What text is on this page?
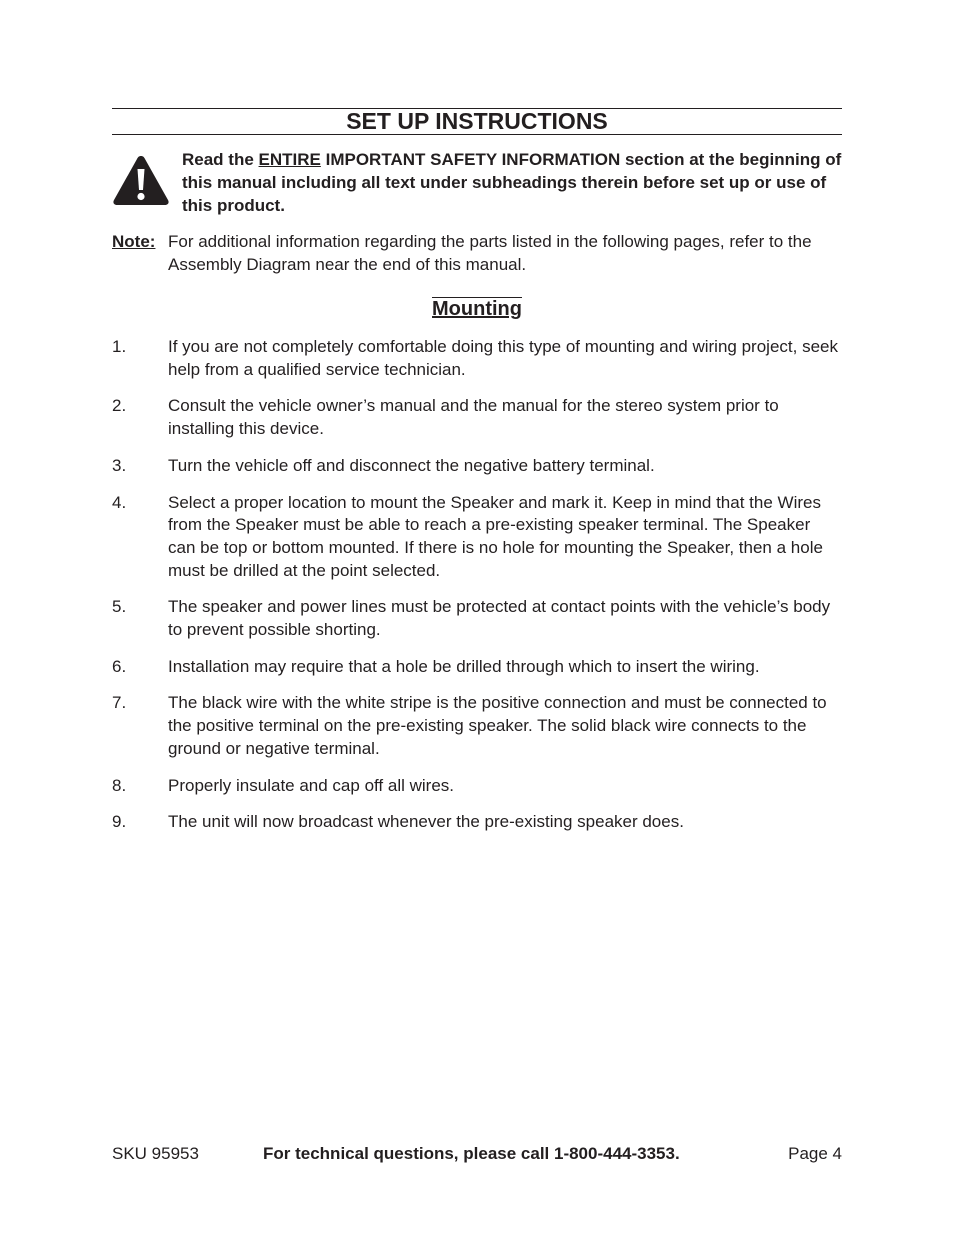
SET UP INSTRUCTIONS

Read the ENTIRE IMPORTANT SAFETY INFORMATION section at the beginning of this manual including all text under subheadings therein before set up or use of this product.

Note: For additional information regarding the parts listed in the following pages, refer to the Assembly Diagram near the end of this manual.

Mounting
1. If you are not completely comfortable doing this type of mounting and wiring project, seek help from a qualified service technician.
2. Consult the vehicle owner’s manual and the manual for the stereo system prior to installing this device.
3. Turn the vehicle off and disconnect the negative battery terminal.
4. Select a proper location to mount the Speaker and mark it. Keep in mind that the Wires from the Speaker must be able to reach a pre-existing speaker terminal. The Speaker can be top or bottom mounted. If there is no hole for mounting the Speaker, then a hole must be drilled at the point selected.
5. The speaker and power lines must be protected at contact points with the vehicle’s body to prevent possible shorting.
6. Installation may require that a hole be drilled through which to insert the wiring.
7. The black wire with the white stripe is the positive connection and must be connected to the positive terminal on the pre-existing speaker. The solid black wire connects to the ground or negative terminal.
8. Properly insulate and cap off all wires.
9. The unit will now broadcast whenever the pre-existing speaker does.
SKU 95953	For technical questions, please call 1-800-444-3353.	Page 4
